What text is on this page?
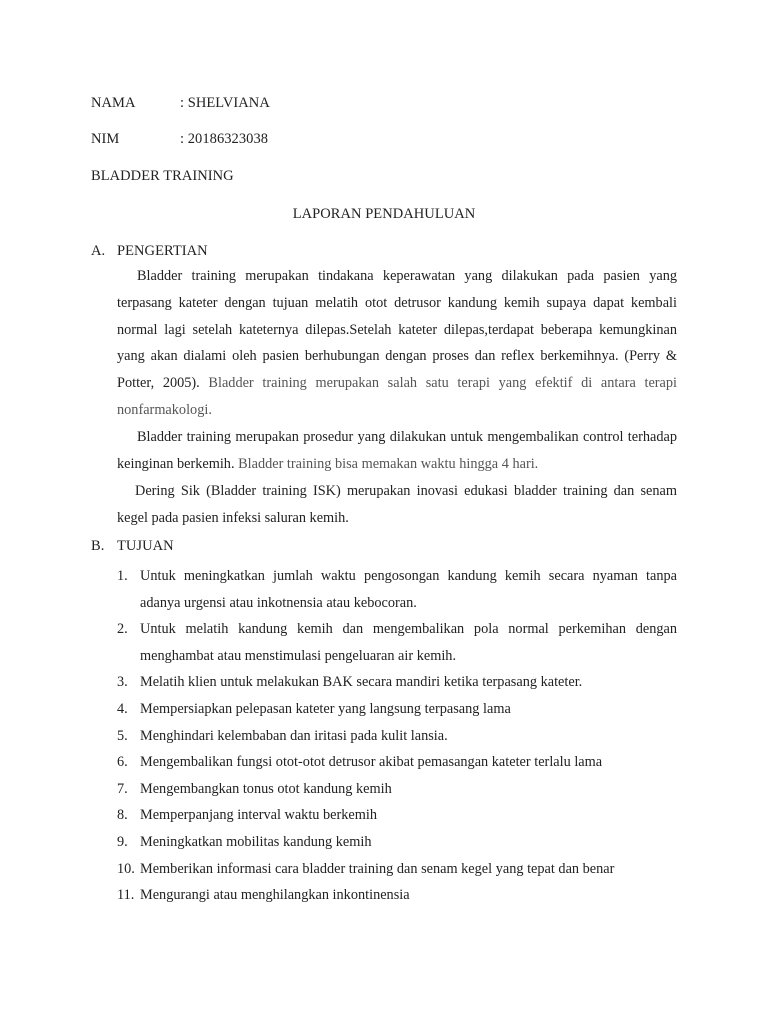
NAMA	: SHELVIANA
NIM	: 20186323038
BLADDER TRAINING
LAPORAN PENDAHULUAN
A. PENGERTIAN

Bladder training merupakan tindakana keperawatan yang dilakukan pada pasien yang terpasang kateter dengan tujuan melatih otot detrusor kandung kemih supaya dapat kembali normal lagi setelah kateternya dilepas.Setelah kateter dilepas,terdapat beberapa kemungkinan yang akan dialami oleh pasien berhubungan dengan proses dan reflex berkemihnya. (Perry & Potter, 2005). Bladder training merupakan salah satu terapi yang efektif di antara terapi nonfarmakologi.

Bladder training merupakan prosedur yang dilakukan untuk mengembalikan control terhadap keinginan berkemih. Bladder training bisa memakan waktu hingga 4 hari.

Dering Sik (Bladder training ISK) merupakan inovasi edukasi bladder training dan senam kegel pada pasien infeksi saluran kemih.

B. TUJUAN
1. Untuk meningkatkan jumlah waktu pengosongan kandung kemih secara nyaman tanpa adanya urgensi atau inkotnensia atau kebocoran.
2. Untuk melatih kandung kemih dan mengembalikan pola normal perkemihan dengan menghambat atau menstimulasi pengeluaran air kemih.
3. Melatih klien untuk melakukan BAK secara mandiri ketika terpasang kateter.
4. Mempersiapkan pelepasan kateter yang langsung terpasang lama
5. Menghindari kelembaban dan iritasi pada kulit lansia.
6. Mengembalikan fungsi otot-otot detrusor akibat pemasangan kateter terlalu lama
7. Mengembangkan tonus otot kandung kemih
8. Memperpanjang interval waktu berkemih
9. Meningkatkan mobilitas kandung kemih
10. Memberikan informasi cara bladder training dan senam kegel yang tepat dan benar
11. Mengurangi atau menghilangkan inkontinensia
